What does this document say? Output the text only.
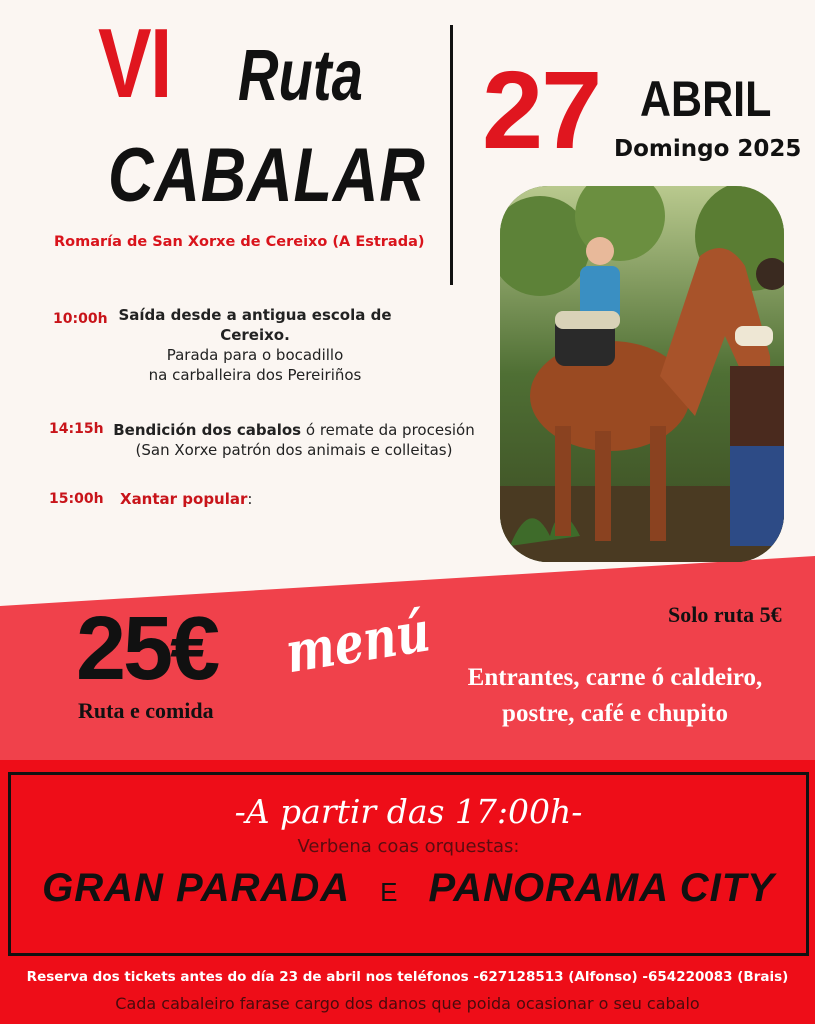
VI Ruta
CABALAR
Romaría de San Xorxe de Cereixo (A Estrada)
27 ABRIL
Domingo 2025
10:00h Saída desde a antigua escola de
Cereixo.
Parada para o bocadillo
na carballeira dos Pereiriños
14:15h Bendición dos cabalos ó remate da procesión
(San Xorxe patrón dos animais e colleitas)
15:00h Xantar popular:
25€
Ruta e comida
menú	Solo ruta 5€
Entrantes, carne ó caldeiro,
postre, café e chupito
-A partir das 17:00h-
Verbena coas orquestas:
GRAN PARADA E PANORAMA CITY
Reserva dos tickets antes do día 23 de abril nos teléfonos -627128513 (Alfonso) -654220083 (Brais)
Cada cabaleiro farase cargo dos danos que poida ocasionar o seu cabalo
